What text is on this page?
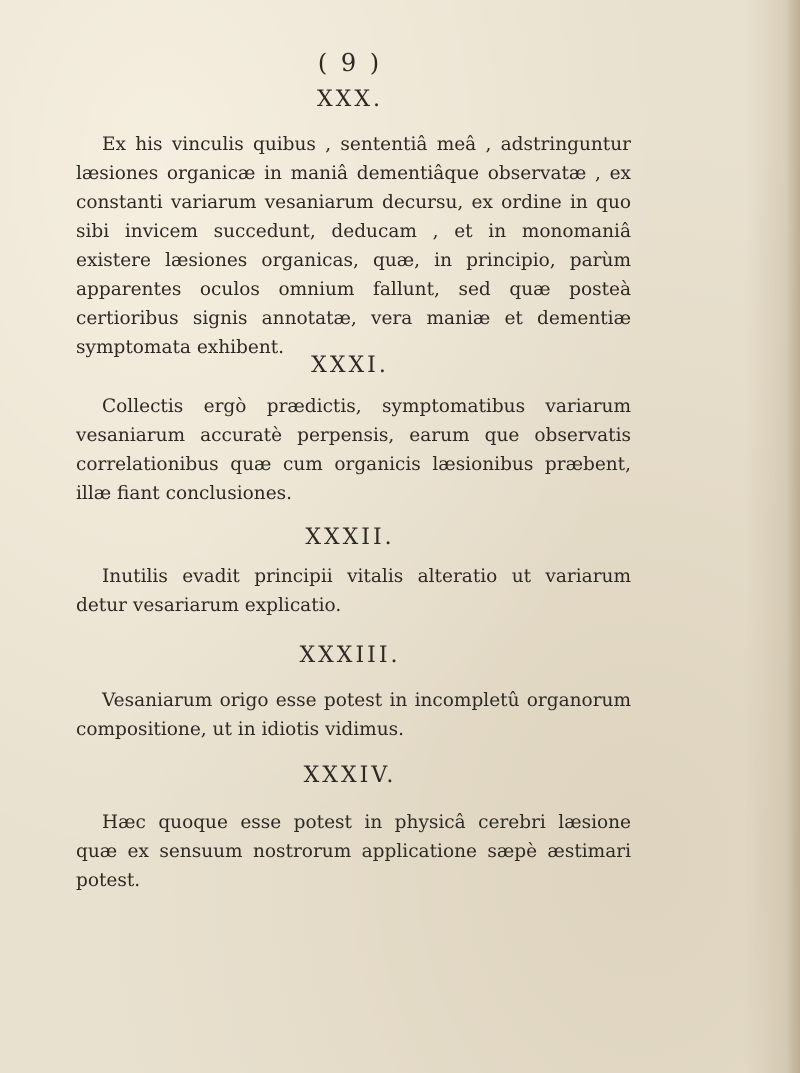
( 9 )
XXX.

Ex his vinculis quibus , sententiâ meâ , adstringuntur læsiones organicæ in maniâ dementiâque observatæ , ex constanti variarum vesaniarum decursu, ex ordine in quo sibi invicem succedunt, deducam , et in monomaniâ existere læsiones organicas, quæ, in principio, parùm apparentes oculos omnium fallunt, sed quæ posteà certioribus signis annotatæ, vera maniæ et dementiæ symptomata exhibent.

XXXI.

Collectis ergò prædictis, symptomatibus variarum vesaniarum accuratè perpensis, earum que observatis correlationibus quæ cum organicis læsionibus præbent, illæ fiant conclusiones.

XXXII.

Inutilis evadit principii vitalis alteratio ut variarum detur vesariarum explicatio.

XXXIII.

Vesaniarum origo esse potest in incompletû organorum compositione, ut in idiotis vidimus.

XXXIV.

Hæc quoque esse potest in physicâ cerebri læsione quæ ex sensuum nostrorum applicatione sæpè æstimari potest.
